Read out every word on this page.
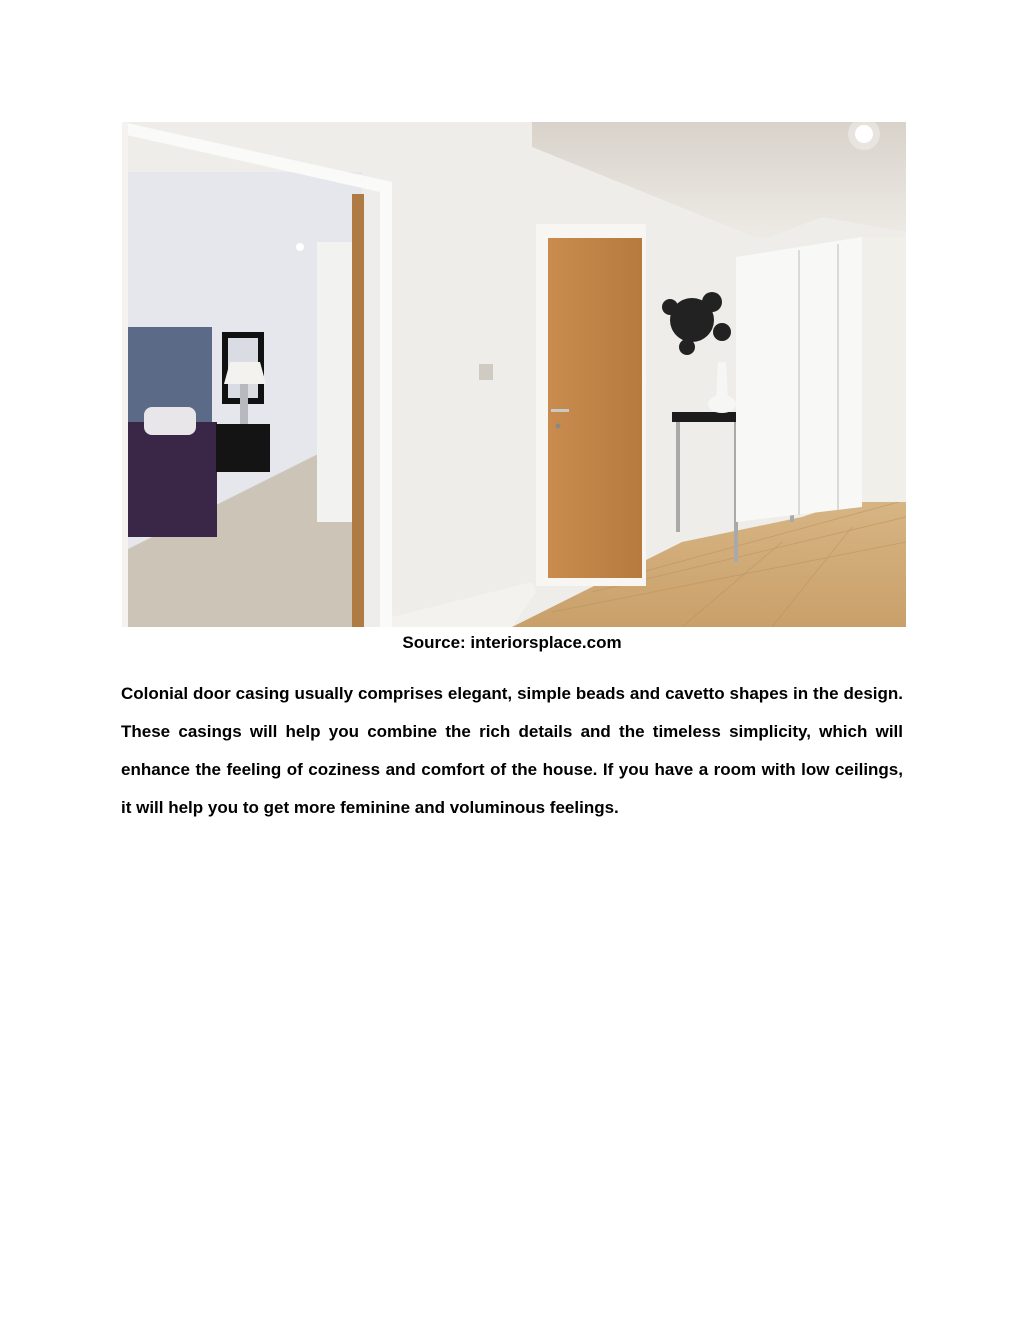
Source: interiorsplace.com

Colonial door casing usually comprises elegant, simple beads and cavetto shapes in the design. These casings will help you combine the rich details and the timeless simplicity, which will enhance the feeling of coziness and comfort of the house. If you have a room with low ceilings, it will help you to get more feminine and voluminous feelings.
